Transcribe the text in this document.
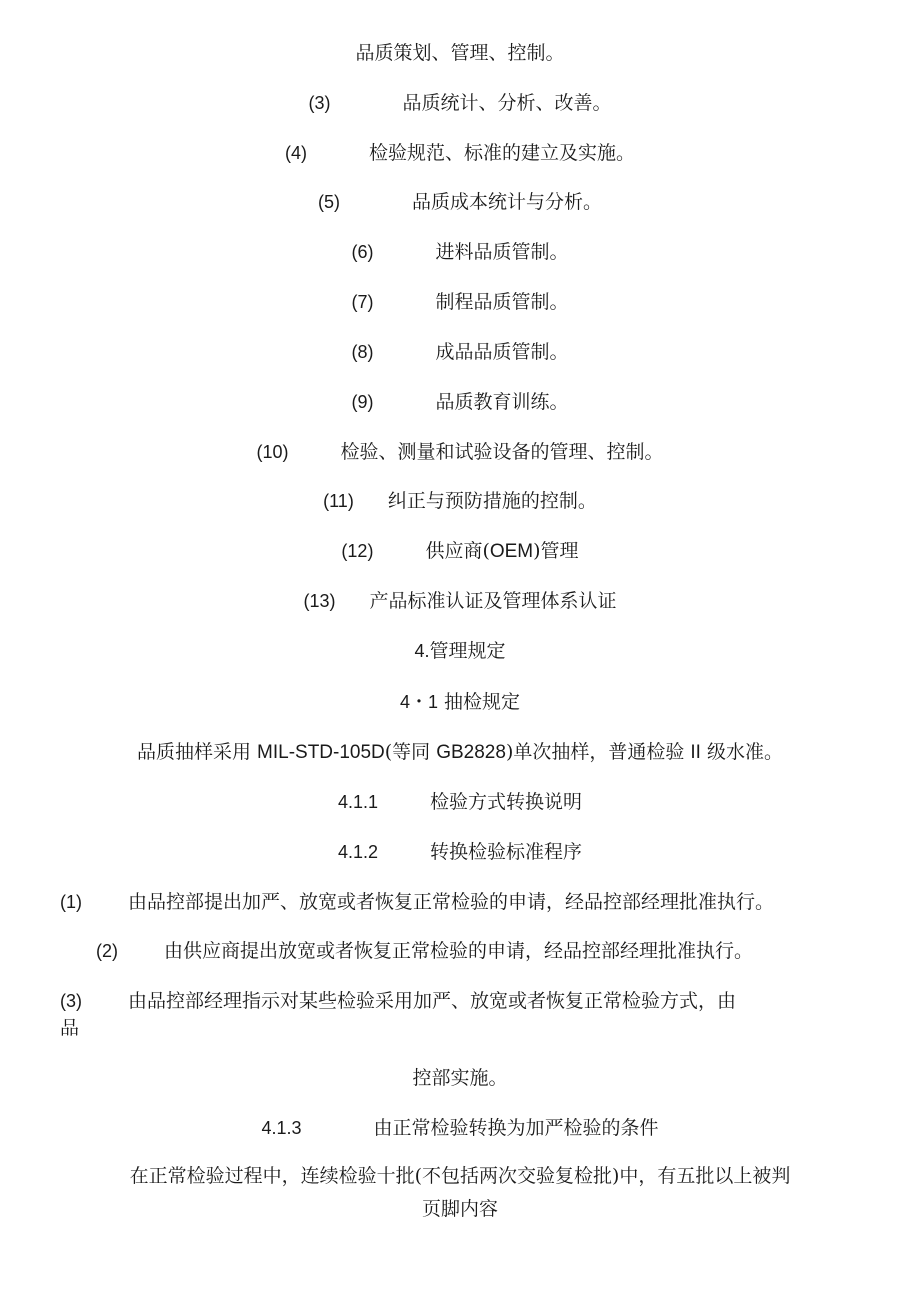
品质策划、管理、控制。
(3)	品质统计、分析、改善。
(4)	检验规范、标准的建立及实施。
(5)	品质成本统计与分析。
(6)	进料品质管制。
(7)	制程品质管制。
(8)	成品品质管制。
(9)	品质教育训练。
(10)	检验、测量和试验设备的管理、控制。
(11) 纠正与预防措施的控制。
(12)	供应商(OEM)管理
(13) 产品标准认证及管理体系认证
4.管理规定
4・1 抽检规定
品质抽样采用 MIL-STD-105D(等同 GB2828)单次抽样，普通检验 II 级水准。
4.1.1	检验方式转换说明
4.1.2	转换检验标准程序
(1) 由品控部提出加严、放宽或者恢复正常检验的申请，经品控部经理批准执行。
(2) 由供应商提出放宽或者恢复正常检验的申请，经品控部经理批准执行。
(3) 由品控部经理指示对某些检验采用加严、放宽或者恢复正常检验方式，由
品
控部实施。
4.1.3	由正常检验转换为加严检验的条件
在正常检验过程中，连续检验十批(不包括两次交验复检批)中，有五批以上被判
页脚内容
